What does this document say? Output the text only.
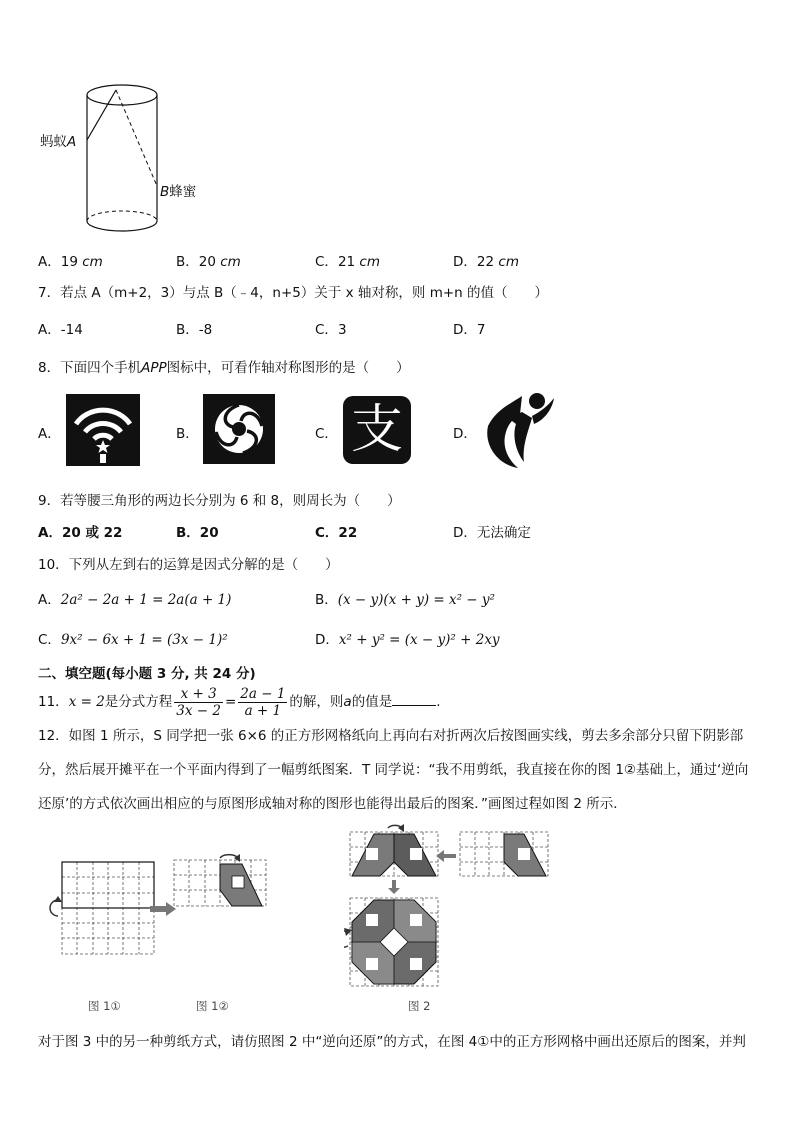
蚂蚁A
B蜂蜜
A．19 cm	B．20 cm	C．21 cm	D．22 cm
7．若点 A（m+2，3）与点 B（﹣4，n+5）关于 x 轴对称，则 m+n 的值（　　）
A．-14	B．-8	C．3	D．7
8．下面四个手机APP图标中，可看作轴对称图形的是（　　）
A．	B．	C． 支	D．
9．若等腰三角形的两边长分别为 6 和 8，则周长为（　　）
A．20 或 22	B．20	C．22	D．无法确定
10．下列从左到右的运算是因式分解的是（　　）
A．2a² − 2a + 1 = 2a(a + 1)	B．(x − y)(x + y) = x² − y²
C．9x² − 6x + 1 = (3x − 1)²	D．x² + y² = (x − y)² + 2xy
二、填空题(每小题 3 分, 共 24 分)
11．x = 2是分式方程 $\frac{x + 3}{3x - 2} = \frac{2a - 1}{a + 1}$ 的解，则a的值是	.
12．如图 1 所示，S 同学把一张 6×6 的正方形网格纸向上再向右对折两次后按图画实线，剪去多余部分只留下阴影部分，然后展开摊平在一个平面内得到了一幅剪纸图案．T 同学说：“我不用剪纸，我直接在你的图 1②基础上，通过‘逆向还原’的方式依次画出相应的与原图形成轴对称的图形也能得出最后的图案．”画图过程如图 2 所示．
图 1①	图 1②	图 2
对于图 3 中的另一种剪纸方式，请仿照图 2 中“逆向还原”的方式，在图 4①中的正方形网格中画出还原后的图案，并判
